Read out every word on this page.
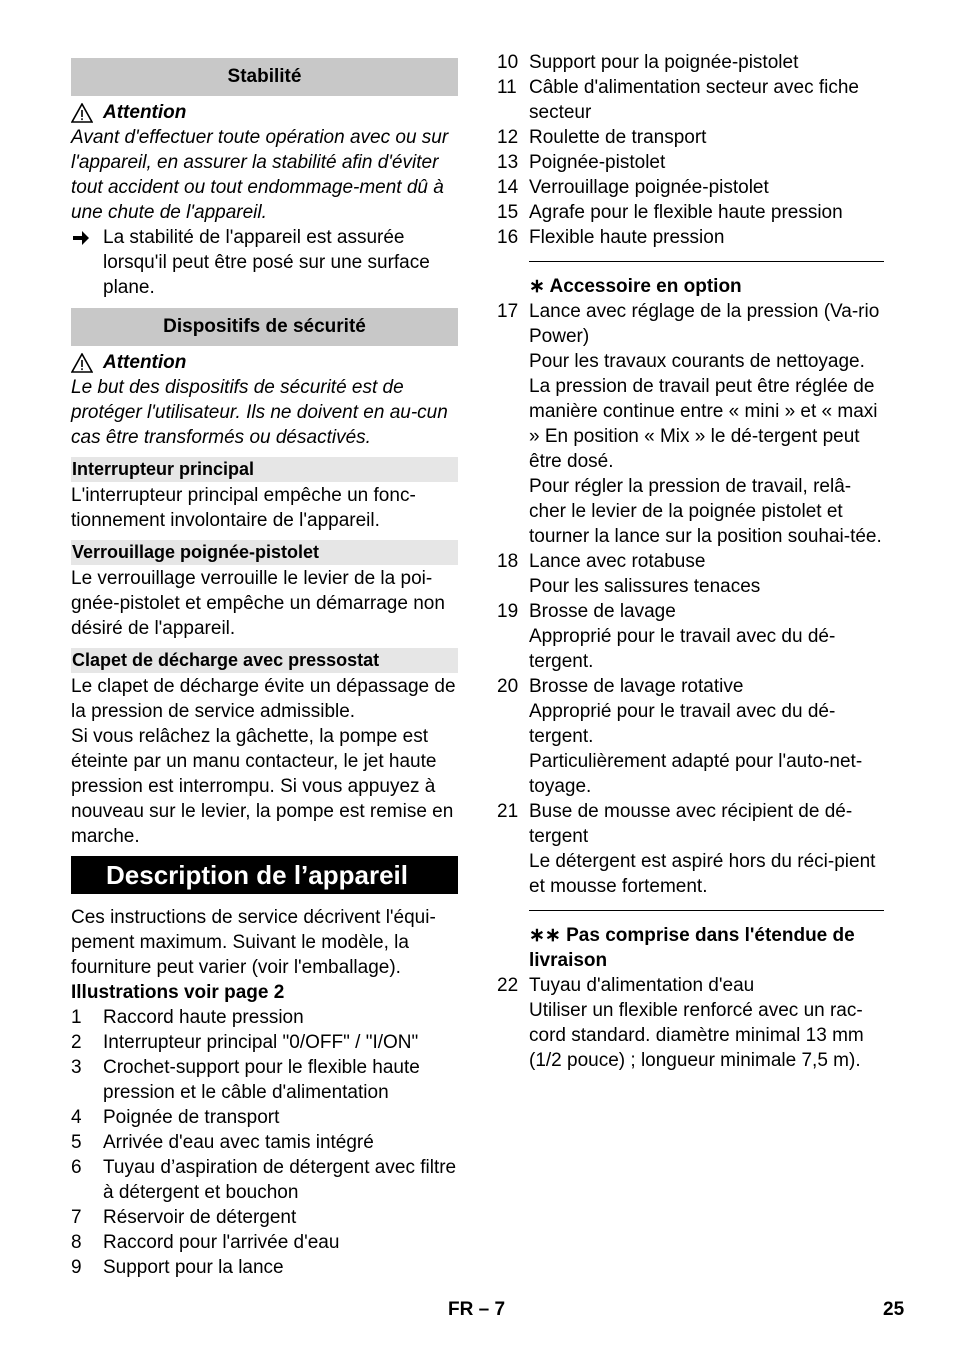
Stabilité
Attention
Avant d'effectuer toute opération avec ou sur l'appareil, en assurer la stabilité afin d'éviter tout accident ou tout endommage-ment dû à une chute de l'appareil.
La stabilité de l'appareil est assurée lorsqu'il peut être posé sur une surface plane.
Dispositifs de sécurité
Attention
Le but des dispositifs de sécurité est de protéger l'utilisateur. Ils ne doivent en au-cun cas être transformés ou désactivés.
Interrupteur principal
L'interrupteur principal empêche un fonc-tionnement involontaire de l'appareil.
Verrouillage poignée-pistolet
Le verrouillage verrouille le levier de la poi-gnée-pistolet et empêche un démarrage non désiré de l'appareil.
Clapet de décharge avec pressostat
Le clapet de décharge évite un dépassage de la pression de service admissible.
Si vous relâchez la gâchette, la pompe est éteinte par un manu contacteur, le jet haute pression est interrompu. Si vous appuyez à nouveau sur le levier, la pompe est remise en marche.
Description de l’appareil
Ces instructions de service décrivent l'équi-pement maximum. Suivant le modèle, la fourniture peut varier (voir l'emballage).
Illustrations voir page 2
1	Raccord haute pression
2	Interrupteur principal "0/OFF" / "I/ON"
3	Crochet-support pour le flexible haute pression et le câble d'alimentation
4	Poignée de transport
5	Arrivée d'eau avec tamis intégré
6	Tuyau d’aspiration de détergent avec filtre à détergent et bouchon
7	Réservoir de détergent
8	Raccord pour l'arrivée d'eau
9	Support pour la lance
10 Support pour la poignée-pistolet
11 Câble d'alimentation secteur avec fiche secteur
12 Roulette de transport
13 Poignée-pistolet
14 Verrouillage poignée-pistolet
15 Agrafe pour le flexible haute pression
16 Flexible haute pression
∗ Accessoire en option
17 Lance avec réglage de la pression (Va-rio Power)
Pour les travaux courants de nettoyage. La pression de travail peut être réglée de manière continue entre « mini » et « maxi » En position « Mix » le dé-tergent peut être dosé.
Pour régler la pression de travail, relâ-cher le levier de la poignée pistolet et tourner la lance sur la position souhai-tée.
18 Lance avec rotabuse
Pour les salissures tenaces
19 Brosse de lavage
Approprié pour le travail avec du dé-tergent.
20 Brosse de lavage rotative
Approprié pour le travail avec du dé-tergent.
Particulièrement adapté pour l'auto-net-toyage.
21 Buse de mousse avec récipient de dé-tergent
Le détergent est aspiré hors du réci-pient et mousse fortement.
∗∗ Pas comprise dans l'étendue de livraison
22 Tuyau d'alimentation d'eau
Utiliser un flexible renforcé avec un rac-cord standard. diamètre minimal 13 mm (1/2 pouce) ; longueur minimale 7,5 m).
FR – 7	25
